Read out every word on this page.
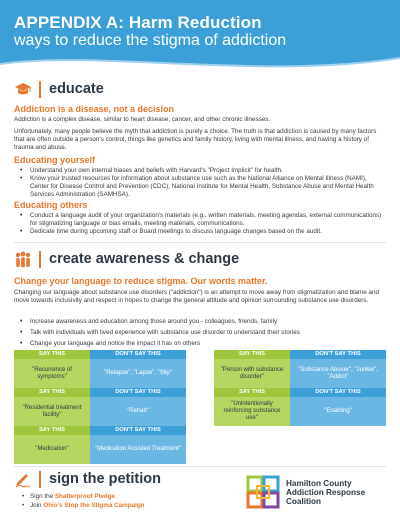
APPENDIX A: Harm Reduction
ways to reduce the stigma of addiction
educate
Addiction is a disease, not a decision
Addiction is a complex disease, similar to heart disease, cancer, and other chronic illnesses.
Unfortunately, many people believe the myth that addiction is purely a choice. The truth is that addiction is caused by many factors that are often outside a person's control, things like genetics and family history, living with mental illness, and having a history of trauma and abuse.
Educating yourself
• Understand your own internal biases and beliefs with Harvard's "Project Implicit" for health.
• Know your trusted resources for information about substance use such as the National Alliance on Mental Illness (NAMI), Center for Disease Control and Prevention (CDC), National Institute for Mental Health, Substance Abuse and Mental Health Services Administration (SAMHSA).
Educating others
• Conduct a language audit of your organization's materials (e.g., written materials, meeting agendas, external communications) for stigmatizing language or bias emails, meeting materials, communications.
• Dedicate time during upcoming staff or Board meetings to discuss language changes based on the audit.
create awareness & change
Change your language to reduce stigma. Our words matter.
Changing our language about substance use disorders ("addiction") is an attempt to move away from stigmatization and blame and move towards inclusivity and respect in hopes to change the general attitude and opinion surrounding substance use disorders.
• Increase awareness and education among those around you - colleagues, friends, family
• Talk with individuals with lived experience with substance use disorder to understand their stories
• Change your language and notice the impact it has on others
SAY THIS
"Recurrence of symptoms"
DON'T SAY THIS
"Relapse", "Lapse", "Slip"
SAY THIS
"Residential treatment facility"
DON'T SAY THIS
"Rehab"
SAY THIS
"Medication"
DON'T SAY THIS
"Medication Assisted Treatment"
SAY THIS
"Person with substance disorder"
DON'T SAY THIS
"Substance Abuser", "Junkie", "Addict"
SAY THIS
"Unintentionally reinforcing substance use"
DON'T SAY THIS
"Enabling"
sign the petition
• Sign the Shatterproof Pledge
• Join Ohio's Stop the Stigma Campaign
Hamilton County
Addiction Response
Coalition
